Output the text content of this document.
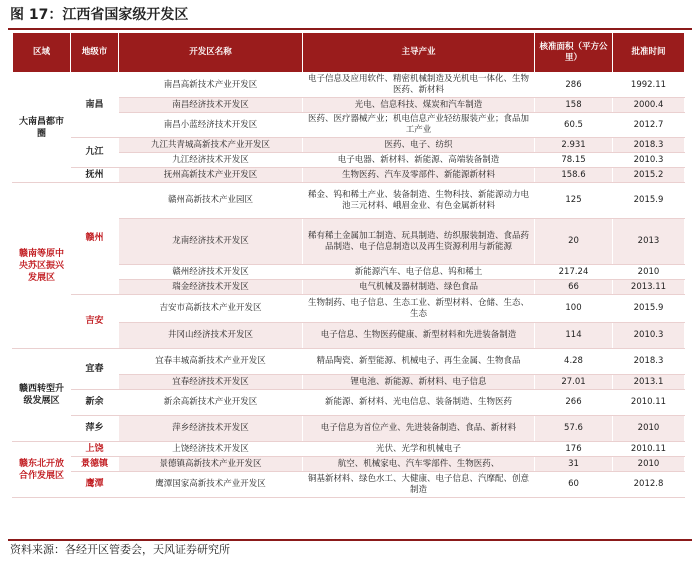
图 17：江西省国家级开发区
区域	地级市	开发区名称	主导产业	核准面积（平方公里）	批准时间
大南昌都市圈	南昌	南昌高新技术产业开发区	电子信息及应用软件、精密机械制造及光机电一体化、生物医药、新材料	286	1992.11
		南昌经济技术开发区	光电、信息科技、煤炭和汽车制造	158	2000.4
		南昌小蓝经济技术开发区	医药、医疗器械产业；机电信息产业轻纺服装产业；食品加工产业	60.5	2012.7
	九江	九江共青城高新技术产业开发区	医药、电子、纺织	2.931	2018.3
		九江经济技术开发区	电子电器、新材料、新能源、高端装备制造	78.15	2010.3
	抚州	抚州高新技术产业开发区	生物医药、汽车及零部件、新能源新材料	158.6	2015.2
赣南等原中央苏区振兴发展区	赣州	赣州高新技术产业园区	稀金、钨和稀土产业、装备制造、生物科技、新能源动力电池三元材料、峨眉金业、有色金属新材料	125	2015.9
		龙南经济技术开发区	稀有稀土金属加工制造、玩具制造、纺织服装制造、食品药品制造、电子信息制造以及再生资源利用与新能源	20	2013
		赣州经济技术开发区	新能源汽车、电子信息、钨和稀土	217.24	2010
		瑞金经济技术开发区	电气机械及器材制造、绿色食品	66	2013.11
	吉安	吉安市高新技术产业开发区	生物制药、电子信息、生态工业、新型材料、仓储、生态、生态	100	2015.9
		井冈山经济技术开发区	电子信息、生物医药健康、新型材料和先进装备制造	114	2010.3
赣西转型升级发展区	宜春	宜春丰城高新技术产业开发区	精品陶瓷、新型能源、机械电子、再生金属、生物食品	4.28	2018.3
		宜春经济技术开发区	锂电池、新能源、新材料、电子信息	27.01	2013.1
	新余	新余高新技术产业开发区	新能源、新材料、光电信息、装备制造、生物医药	266	2010.11
	萍乡	萍乡经济技术开发区	电子信息为首位产业、先进装备制造、食品、新材料	57.6	2010
赣东北开放合作发展区	上饶	上饶经济技术开发区	光伏、光学和机械电子	176	2010.11
	景德镇	景德镇高新技术产业开发区	航空、机械家电、汽车零部件、生物医药、	31	2010
	鹰潭	鹰潭国家高新技术产业开发区	铜基新材料、绿色水工、大健康、电子信息、汽摩配、创意制造	60	2012.8
资料来源：各经开区管委会，天风证券研究所
